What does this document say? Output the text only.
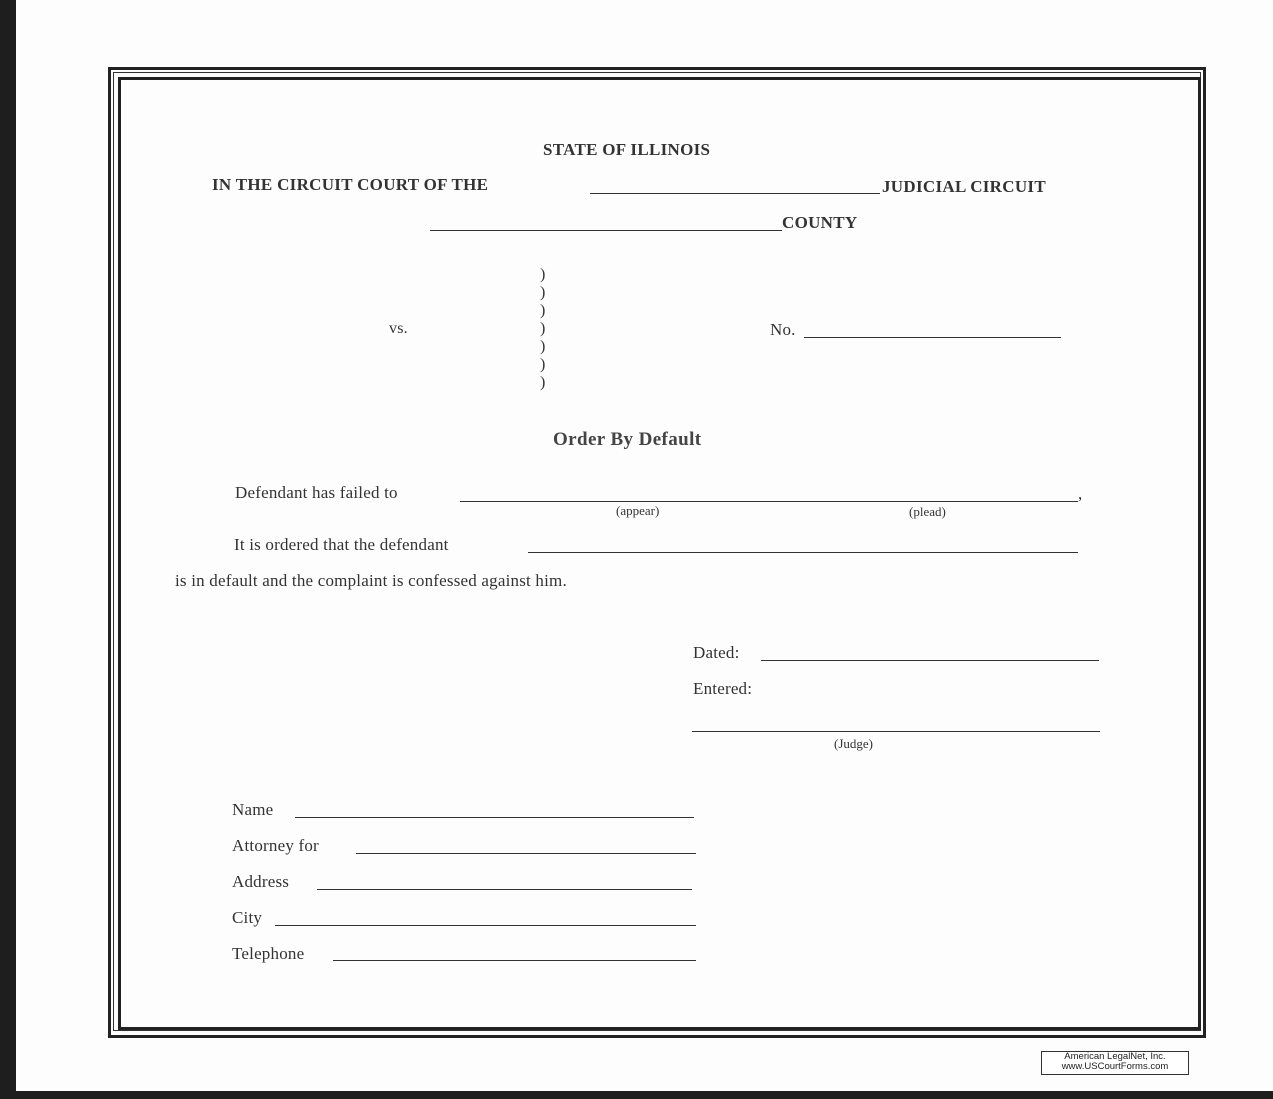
STATE OF ILLINOIS
IN THE CIRCUIT COURT OF THE	JUDICIAL CIRCUIT
COUNTY
vs.
)
)
)
)
)
)
)
No.
Order By Default
Defendant has failed to	,
(appear)	(plead)
It is ordered that the defendant
is in default and the complaint is confessed against him.
Dated:
Entered:
(Judge)
Name
Attorney for
Address
City
Telephone
American LegalNet, Inc.
www.USCourtForms.com
